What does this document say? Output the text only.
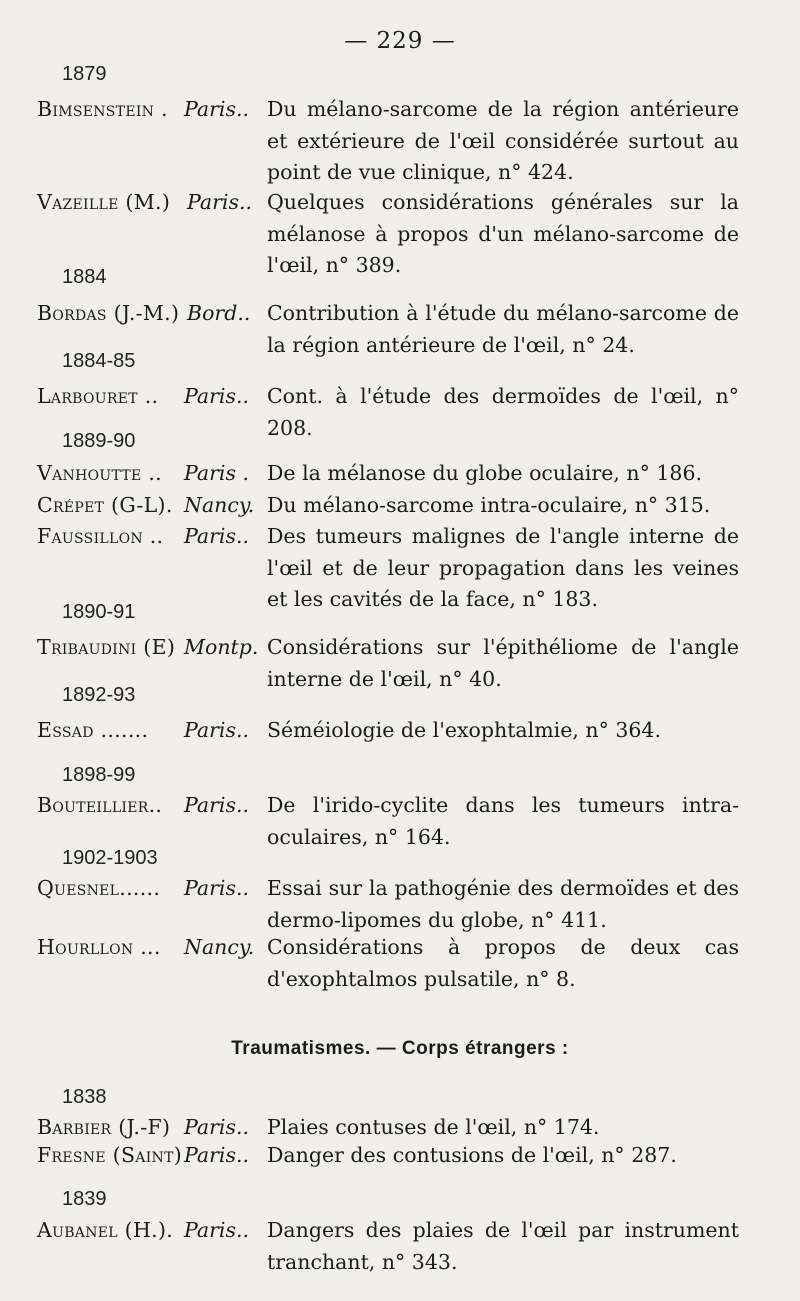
— 229 —
1879
Bimsenstein . Paris.. Du mélano-sarcome de la région antérieure et extérieure de l'œil considérée surtout au point de vue clinique, n° 424.
Vazeille (M.) Paris.. Quelques considérations générales sur la mélanose à propos d'un mélano-sarcome de l'œil, n° 389.
1884
Bordas (J.-M.) Bord.. Contribution à l'étude du mélano-sarcome de la région antérieure de l'œil, n° 24.
1884-85
Larbouret .. Paris.. Cont. à l'étude des dermoïdes de l'œil, n° 208.
1889-90
Vanhoutte .. Paris . De la mélanose du globe oculaire, n° 186.
Crépet (G-L). Nancy. Du mélano-sarcome intra-oculaire, n° 315.
Faussillon .. Paris.. Des tumeurs malignes de l'angle interne de l'œil et de leur propagation dans les veines et les cavités de la face, n° 183.
1890-91
Tribaudini (E) Montp. Considérations sur l'épithéliome de l'angle interne de l'œil, n° 40.
1892-93
Essad ....... Paris.. Séméiologie de l'exophtalmie, n° 364.
1898-99
Bouteillier.. Paris.. De l'irido-cyclite dans les tumeurs intra-oculaires, n° 164.
1902-1903
Quesnel...... Paris.. Essai sur la pathogénie des dermoïdes et des dermo-lipomes du globe, n° 411.
Hourllon ... Nancy. Considérations à propos de deux cas d'exophtalmos pulsatile, n° 8.
Traumatismes. — Corps étrangers :
1838
Barbier (J.-F) Paris.. Plaies contuses de l'œil, n° 174.
Fresne (Saint) Paris.. Danger des contusions de l'œil, n° 287.
1839
Aubanel (H.). Paris.. Dangers des plaies de l'œil par instrument tranchant, n° 343.
